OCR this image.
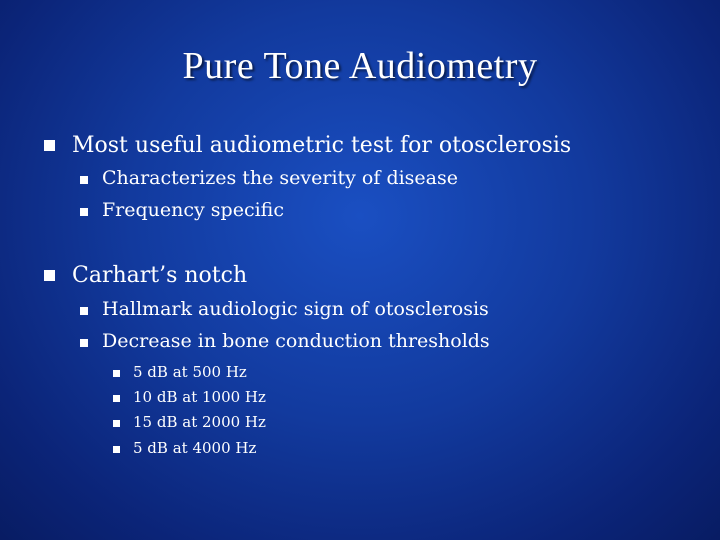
Pure Tone Audiometry
Most useful audiometric test for otosclerosis
Characterizes the severity of disease
Frequency specific
Carhart’s notch
Hallmark audiologic sign of otosclerosis
Decrease in bone conduction thresholds
5 dB at 500 Hz
10 dB at 1000 Hz
15 dB at 2000 Hz
5 dB at 4000 Hz
